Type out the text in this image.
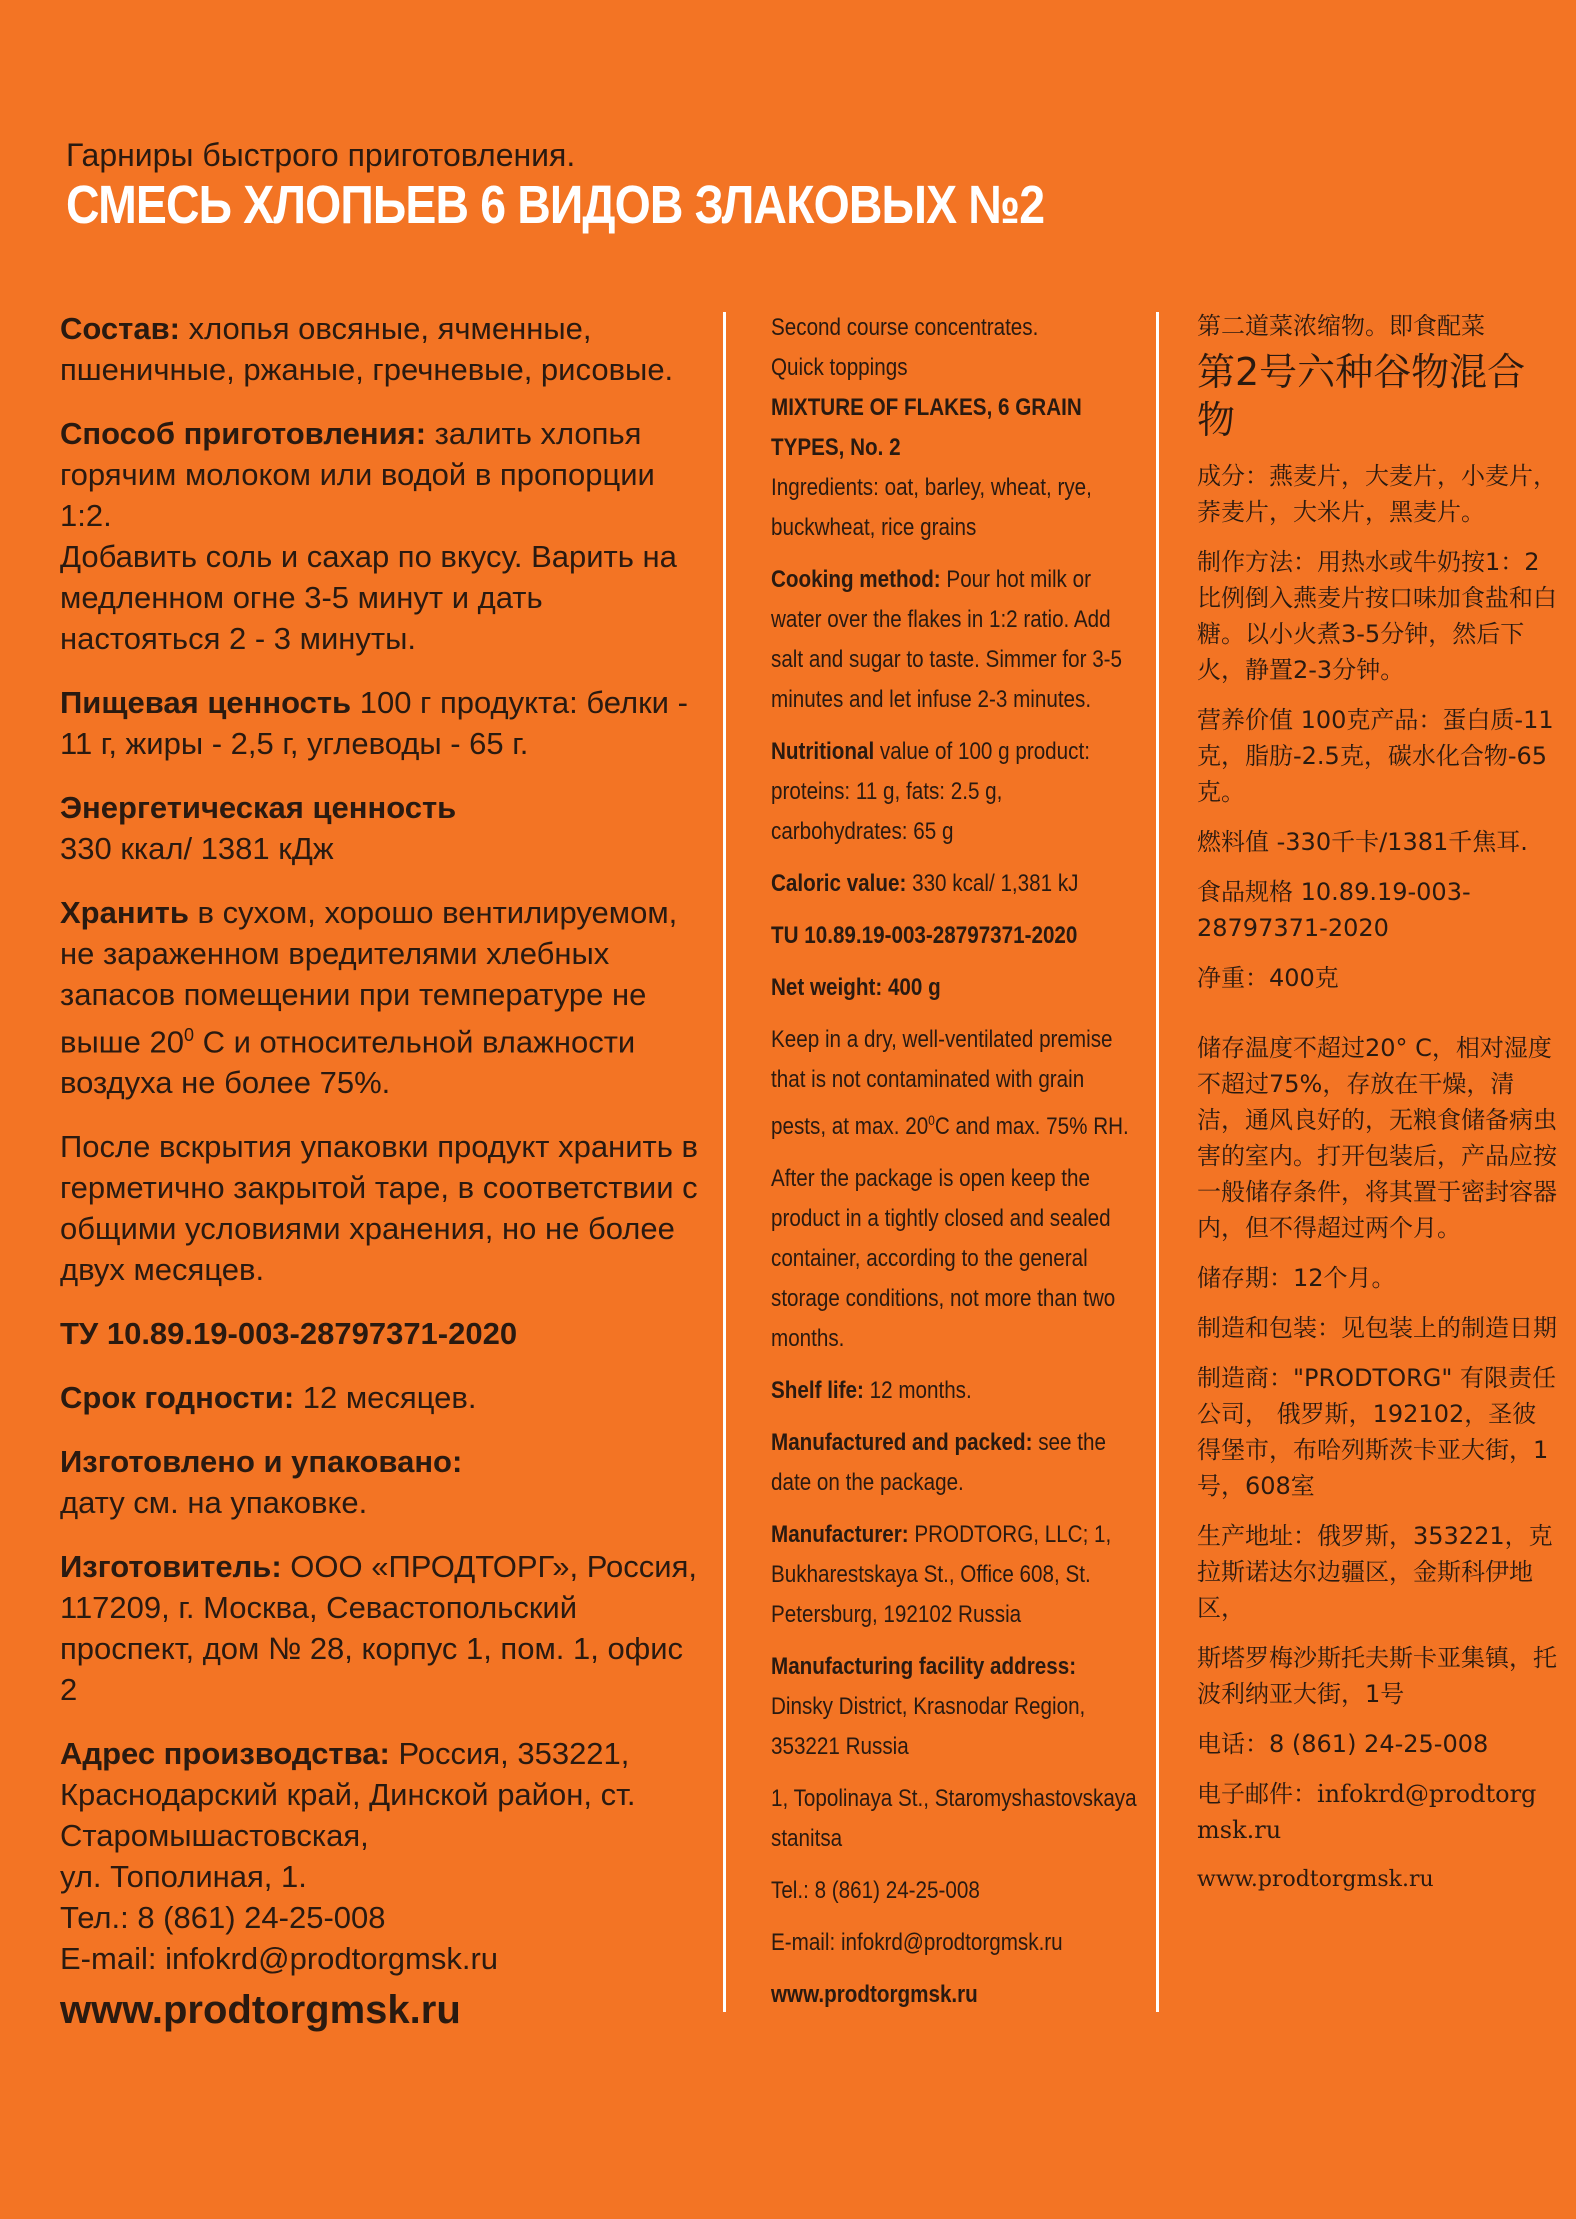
Гарниры быстрого приготовления.
СМЕСЬ ХЛОПЬЕВ 6 ВИДОВ ЗЛАКОВЫХ №2
Состав: хлопья овсяные, ячменные, пшеничные, ржаные, гречневые, рисовые.
Способ приготовления: залить хлопья горячим молоком или водой в пропорции 1:2.
Добавить соль и сахар по вкусу. Варить на медленном огне 3-5 минут и дать настояться 2 - 3 минуты.
Пищевая ценность 100 г продукта: белки - 11 г, жиры - 2,5 г, углеводы - 65 г.
Энергетическая ценность
330 ккал/ 1381 кДж
Хранить в сухом, хорошо вентилируемом, не зараженном вредителями хлебных запасов помещении при температуре не выше $20^0$ С и относительной влажности воздуха не более 75%.
После вскрытия упаковки продукт хранить в герметично закрытой таре, в соответствии с общими условиями хранения, но не более двух месяцев.
ТУ 10.89.19-003-28797371-2020
Срок годности: 12 месяцев.
Изготовлено и упаковано:
дату см. на упаковке.
Изготовитель: ООО «ПРОДТОРГ», Россия, 117209, г. Москва, Севастопольский проспект, дом № 28, корпус 1, пом. 1, офис 2
Адрес производства: Россия, 353221, Краснодарский край, Динской район, ст. Старомышастовская,
ул. Тополиная, 1.
Тел.: 8 (861) 24-25-008
E-mail: infokrd@prodtorgmsk.ru
www.prodtorgmsk.ru
Second course concentrates.
Quick toppings
MIXTURE OF FLAKES, 6 GRAIN TYPES, No. 2
Ingredients: oat, barley, wheat, rye, buckwheat, rice grains
Cooking method: Pour hot milk or water over the flakes in 1:2 ratio. Add salt and sugar to taste. Simmer for 3-5 minutes and let infuse 2-3 minutes.
Nutritional value of 100 g product: proteins: 11 g, fats: 2.5 g, carbohydrates: 65 g
Caloric value: 330 kcal/ 1,381 kJ
TU 10.89.19-003-28797371-2020
Net weight: 400 g
Keep in a dry, well-ventilated premise that is not contaminated with grain pests, at max. $20^0C$ and max. 75% RH.
After the package is open keep the product in a tightly closed and sealed container, according to the general storage conditions, not more than two months.
Shelf life: 12 months.
Manufactured and packed: see the date on the package.
Manufacturer: PRODTORG, LLC; 1, Bukharestskaya St., Office 608, St. Petersburg, 192102 Russia
Manufacturing facility address: Dinsky District, Krasnodar Region, 353221 Russia
1, Topolinaya St., Staromyshastovskaya stanitsa
Tel.: 8 (861) 24-25-008
E-mail: infokrd@prodtorgmsk.ru
www.prodtorgmsk.ru
第二道菜浓缩物。即食配菜
第2号六种谷物混合物
成分：燕麦片，大麦片，小麦片，荞麦片，大米片，黑麦片。
制作方法：用热水或牛奶按1：2比例倒入燕麦片按口味加食盐和白糖。以小火煮3-5分钟，然后下火，静置2-3分钟。
营养价值 100克产品：蛋白质-11克，脂肪-2.5克，碳水化合物-65克。
燃料值 -330千卡/1381千焦耳.
食品规格 10.89.19-003-28797371-2020
净重：400克
储存温度不超过20° C，相对湿度不超过75%，存放在干燥，清洁，通风良好的，无粮食储备病虫害的室内。打开包装后，产品应按一般储存条件，将其置于密封容器内，但不得超过两个月。
储存期：12个月。
制造和包装：见包装上的制造日期
制造商："PRODTORG" 有限责任公司， 俄罗斯，192102，圣彼得堡市，布哈列斯茨卡亚大街，1号，608室
生产地址：俄罗斯，353221，克拉斯诺达尔边疆区，金斯科伊地区，
斯塔罗梅沙斯托夫斯卡亚集镇，托波利纳亚大街，1号
电话：8 (861) 24-25-008
电子邮件：infokrd@prodtorgmsk.ru
www.prodtorgmsk.ru
